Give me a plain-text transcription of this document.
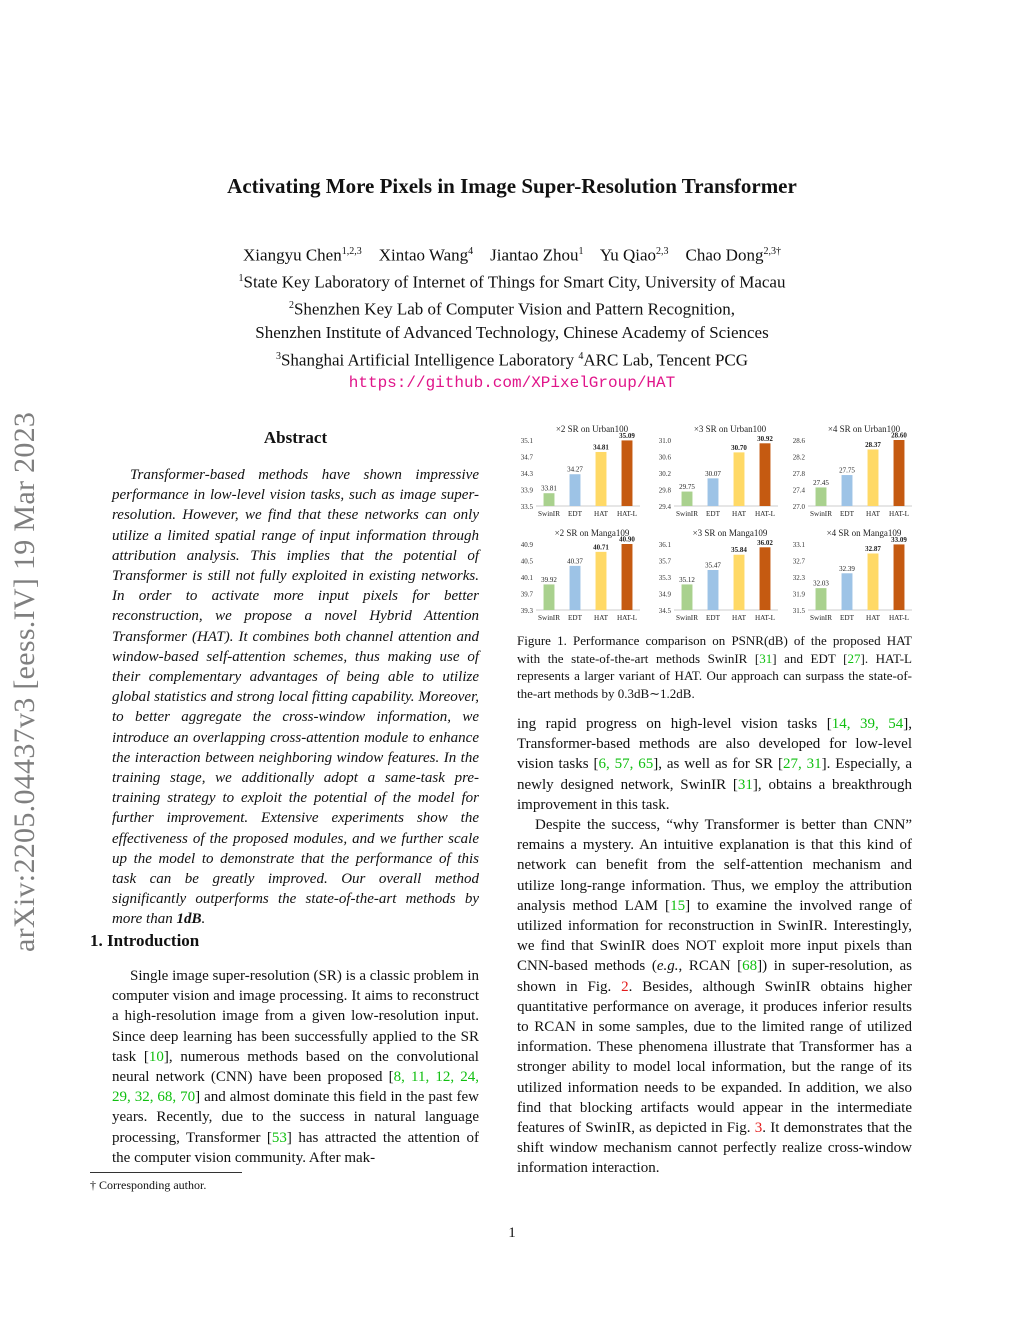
arXiv:2205.04437v3 [eess.IV] 19 Mar 2023
Activating More Pixels in Image Super-Resolution Transformer
Xiangyu Chen$^{1,2,3}$ Xintao Wang$^4$ Jiantao Zhou$^1$ Yu Qiao$^{2,3}$ Chao Dong$^{2,3\dagger}$
$^1$State Key Laboratory of Internet of Things for Smart City, University of Macau
$^2$Shenzhen Key Lab of Computer Vision and Pattern Recognition,
Shenzhen Institute of Advanced Technology, Chinese Academy of Sciences
$^3$Shanghai Artificial Intelligence Laboratory $^4$ARC Lab, Tencent PCG
https://github.com/XPixelGroup/HAT
Abstract

Transformer-based methods have shown impressive performance in low-level vision tasks, such as image super-resolution. However, we find that these networks can only utilize a limited spatial range of input information through attribution analysis. This implies that the potential of Transformer is still not fully exploited in existing networks. In order to activate more input pixels for better reconstruction, we propose a novel Hybrid Attention Transformer (HAT). It combines both channel attention and window-based self-attention schemes, thus making use of their complementary advantages of being able to utilize global statistics and strong local fitting capability. Moreover, to better aggregate the cross-window information, we introduce an overlapping cross-attention module to enhance the interaction between neighboring window features. In the training stage, we additionally adopt a same-task pre-training strategy to exploit the potential of the model for further improvement. Extensive experiments show the effectiveness of the proposed modules, and we further scale up the model to demonstrate that the performance of this task can be greatly improved. Our overall method significantly outperforms the state-of-the-art methods by more than 1dB.

1. Introduction

Single image super-resolution (SR) is a classic problem in computer vision and image processing. It aims to reconstruct a high-resolution image from a given low-resolution input. Since deep learning has been successfully applied to the SR task [10], numerous methods based on the convolutional neural network (CNN) have been proposed [8, 11, 12, 24, 29, 32, 68, 70] and almost dominate this field in the past few years. Recently, due to the success in natural language processing, Transformer [53] has attracted the attention of the computer vision community. After mak-

† Corresponding author.
×2 SR on Urban100
35.1
34.7
34.3
33.9
33.5
33.81
SwinIR
34.27
EDT
34.81
HAT
35.09
HAT-L
×3 SR on Urban100
31.0
30.6
30.2
29.8
29.4
29.75
SwinIR
30.07
EDT
30.70
HAT
30.92
HAT-L
×4 SR on Urban100
28.6
28.2
27.8
27.4
27.0
27.45
SwinIR
27.75
EDT
28.37
HAT
28.60
HAT-L
×2 SR on Manga109
40.9
40.5
40.1
39.7
39.3
39.92
SwinIR
40.37
EDT
40.71
HAT
40.90
HAT-L
×3 SR on Manga109
36.1
35.7
35.3
34.9
34.5
35.12
SwinIR
35.47
EDT
35.84
HAT
36.02
HAT-L
×4 SR on Manga109
33.1
32.7
32.3
31.9
31.5
32.03
SwinIR
32.39
EDT
32.87
HAT
33.09
HAT-L
Figure 1. Performance comparison on PSNR(dB) of the proposed HAT with the state-of-the-art methods SwinIR [31] and EDT [27]. HAT-L represents a larger variant of HAT. Our approach can surpass the state-of-the-art methods by 0.3dB∼1.2dB.

ing rapid progress on high-level vision tasks [14, 39, 54], Transformer-based methods are also developed for low-level vision tasks [6, 57, 65], as well as for SR [27, 31]. Especially, a newly designed network, SwinIR [31], obtains a breakthrough improvement in this task.

Despite the success, “why Transformer is better than CNN” remains a mystery. An intuitive explanation is that this kind of network can benefit from the self-attention mechanism and utilize long-range information. Thus, we employ the attribution analysis method LAM [15] to examine the involved range of utilized information for reconstruction in SwinIR. Interestingly, we find that SwinIR does NOT exploit more input pixels than CNN-based methods (e.g., RCAN [68]) in super-resolution, as shown in Fig. 2. Besides, although SwinIR obtains higher quantitative performance on average, it produces inferior results to RCAN in some samples, due to the limited range of utilized information. These phenomena illustrate that Transformer has a stronger ability to model local information, but the range of its utilized information needs to be expanded. In addition, we also find that blocking artifacts would appear in the intermediate features of SwinIR, as depicted in Fig. 3. It demonstrates that the shift window mechanism cannot perfectly realize cross-window information interaction.

1
